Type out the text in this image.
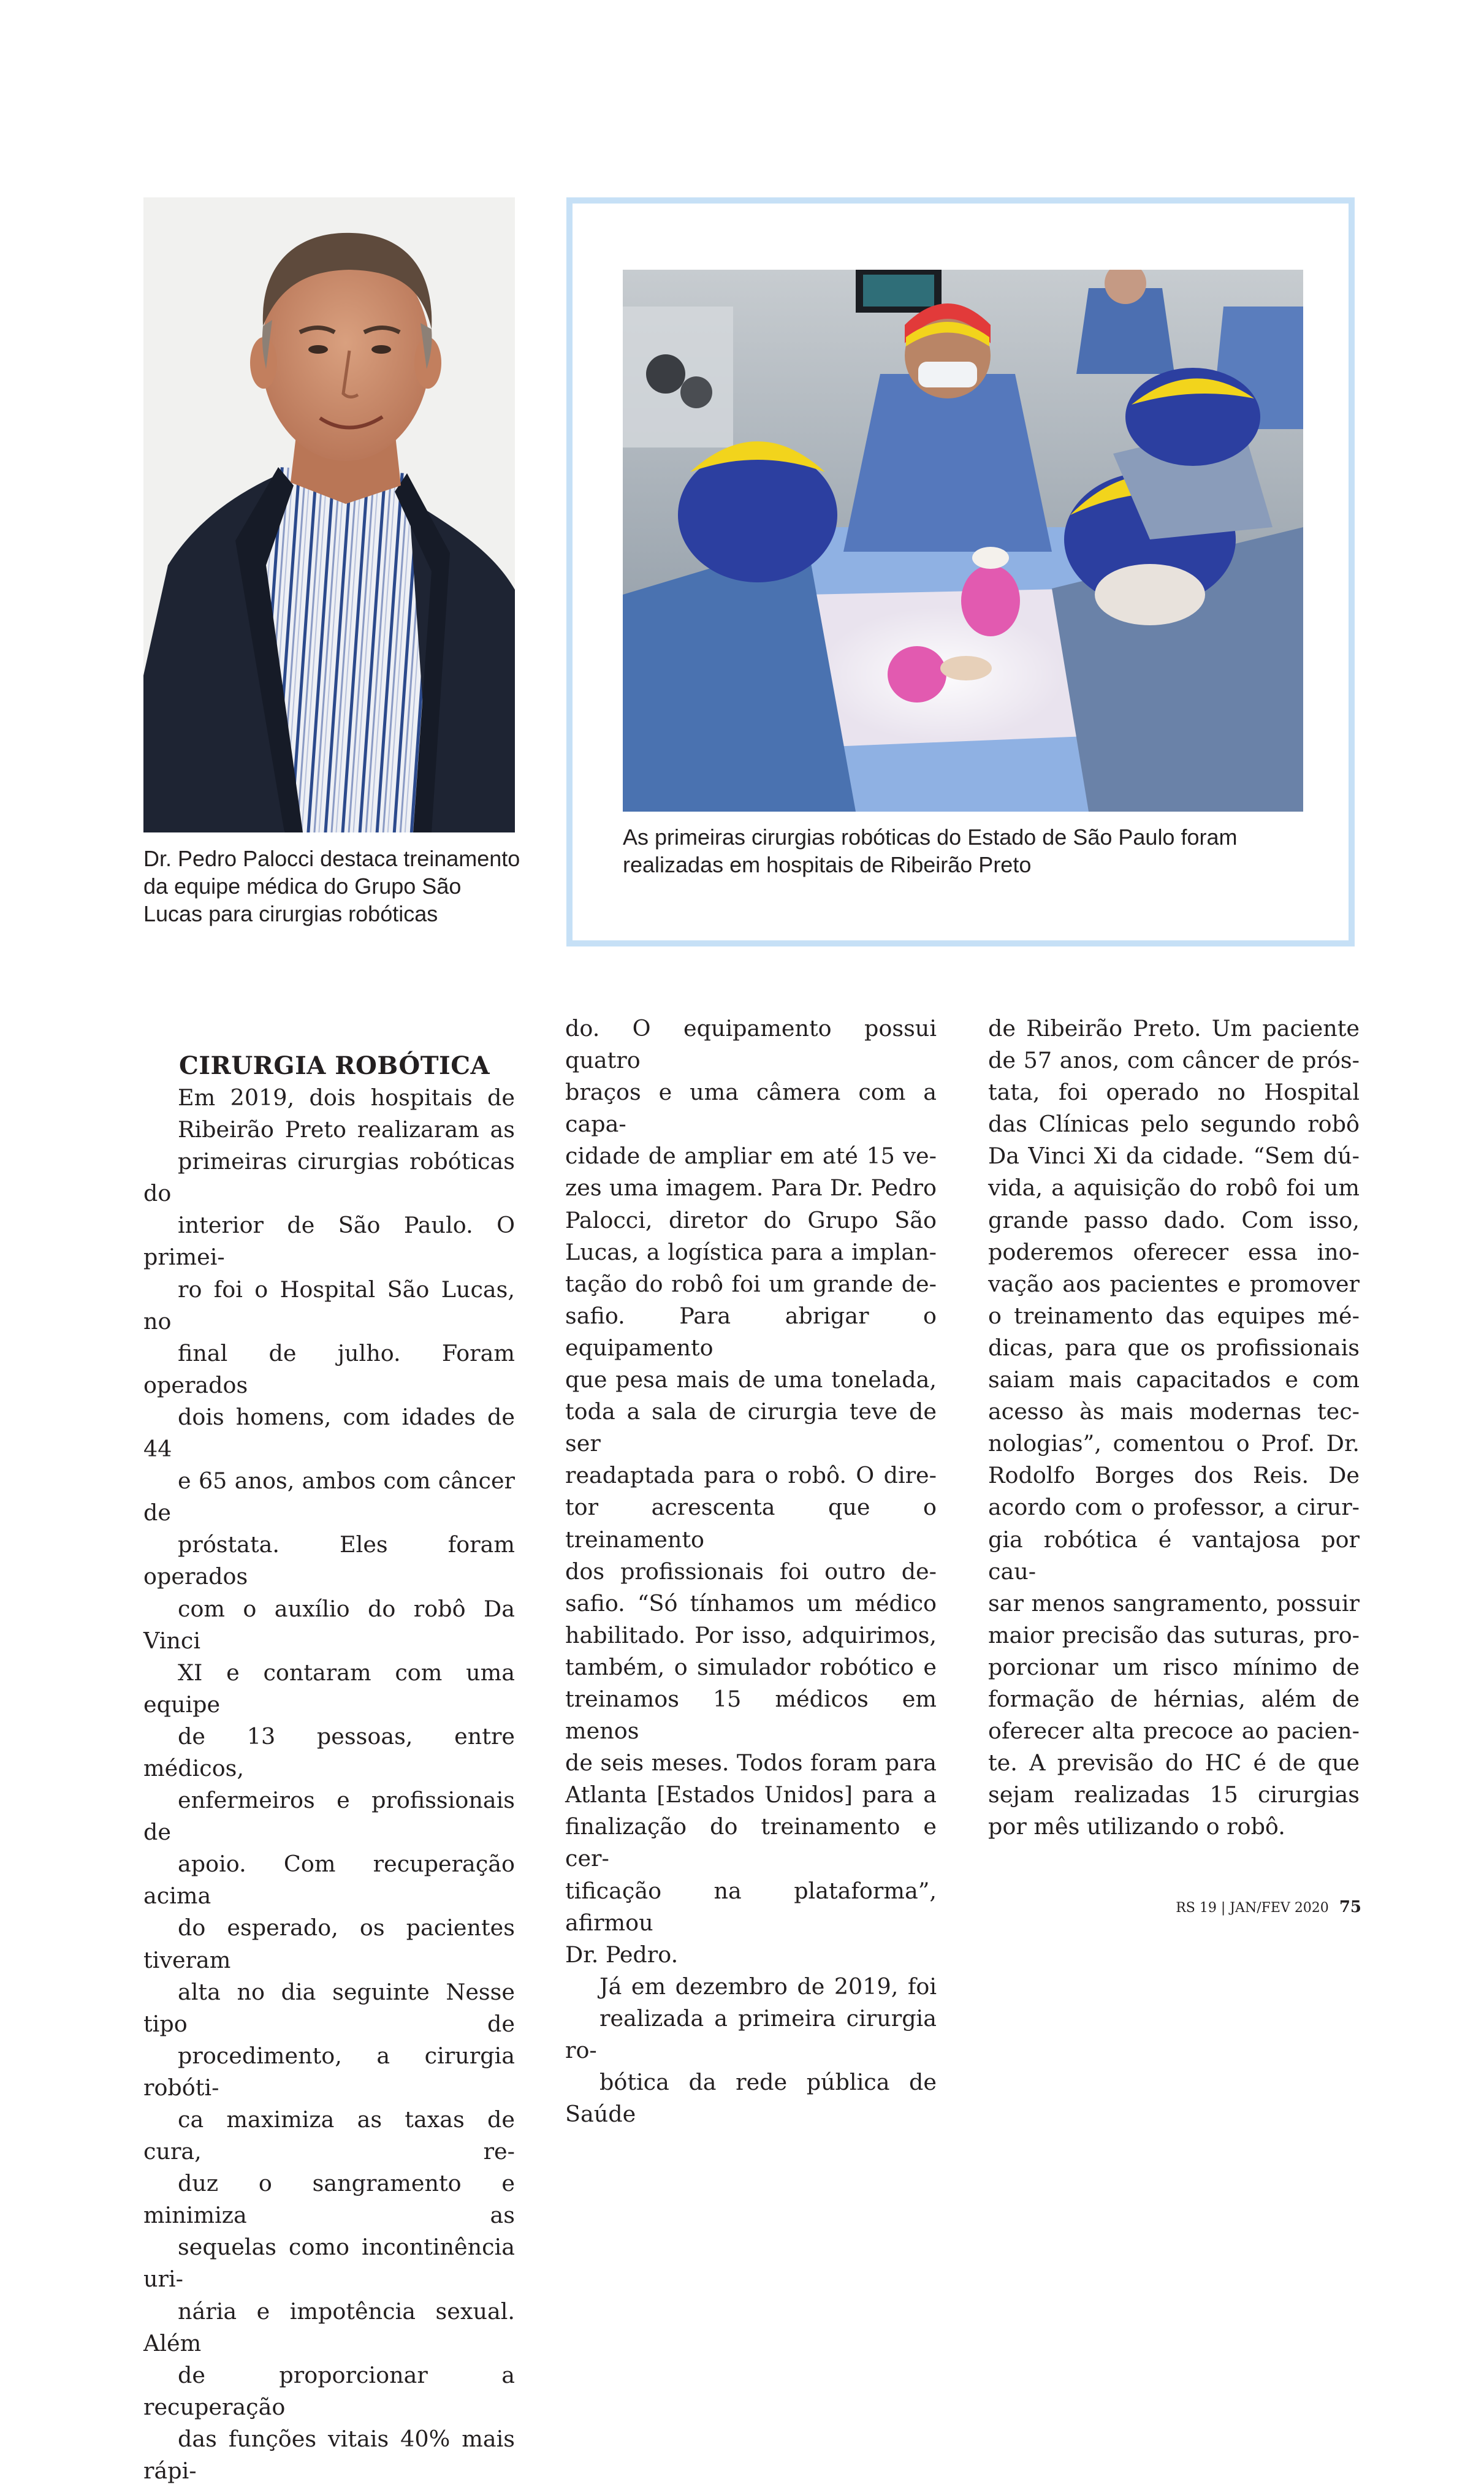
Dr. Pedro Palocci destaca treinamento da equipe médica do Grupo São Lucas para cirurgias robóticas

As primeiras cirurgias robóticas do Estado de São Paulo foram realizadas em hospitais de Ribeirão Preto

CIRURGIA ROBÓTICA

Em 2019, dois hospitais de

Ribeirão Preto realizaram as

primeiras cirurgias robóticas do

interior de São Paulo. O primei-

ro foi o Hospital São Lucas, no

final de julho. Foram operados

dois homens, com idades de 44

e 65 anos, ambos com câncer de

próstata. Eles foram operados

com o auxílio do robô Da Vinci

XI e contaram com uma equipe

de 13 pessoas, entre médicos,

enfermeiros e profissionais de

apoio. Com recuperação acima

do esperado, os pacientes tiveram

alta no dia seguinte Nesse tipo de

procedimento, a cirurgia robóti-

ca maximiza as taxas de cura, re-

duz o sangramento e minimiza as

sequelas como incontinência uri-

nária e impotência sexual. Além

de proporcionar a recuperação

das funções vitais 40% mais rápi-

do. O equipamento possui quatro

braços e uma câmera com a capa-

cidade de ampliar em até 15 ve-

zes uma imagem. Para Dr. Pedro

Palocci, diretor do Grupo São

Lucas, a logística para a implan-

tação do robô foi um grande de-

safio. Para abrigar o equipamento

que pesa mais de uma tonelada,

toda a sala de cirurgia teve de ser

readaptada para o robô. O dire-

tor acrescenta que o treinamento

dos profissionais foi outro de-

safio. “Só tínhamos um médico

habilitado. Por isso, adquirimos,

também, o simulador robótico e

treinamos 15 médicos em menos

de seis meses. Todos foram para

Atlanta [Estados Unidos] para a

finalização do treinamento e cer-

tificação na plataforma”, afirmou

Dr. Pedro.

Já em dezembro de 2019, foi

realizada a primeira cirurgia ro-

bótica da rede pública de Saúde

de Ribeirão Preto. Um paciente

de 57 anos, com câncer de prós-

tata, foi operado no Hospital

das Clínicas pelo segundo robô

Da Vinci Xi da cidade. “Sem dú-

vida, a aquisição do robô foi um

grande passo dado. Com isso,

poderemos oferecer essa ino-

vação aos pacientes e promover

o treinamento das equipes mé-

dicas, para que os profissionais

saiam mais capacitados e com

acesso às mais modernas tec-

nologias”, comentou o Prof. Dr.

Rodolfo Borges dos Reis. De

acordo com o professor, a cirur-

gia robótica é vantajosa por cau-

sar menos sangramento, possuir

maior precisão das suturas, pro-

porcionar um risco mínimo de

formação de hérnias, além de

oferecer alta precoce ao pacien-

te. A previsão do HC é de que

sejam realizadas 15 cirurgias

por mês utilizando o robô.

RS 19 | JAN/FEV 2020 75
